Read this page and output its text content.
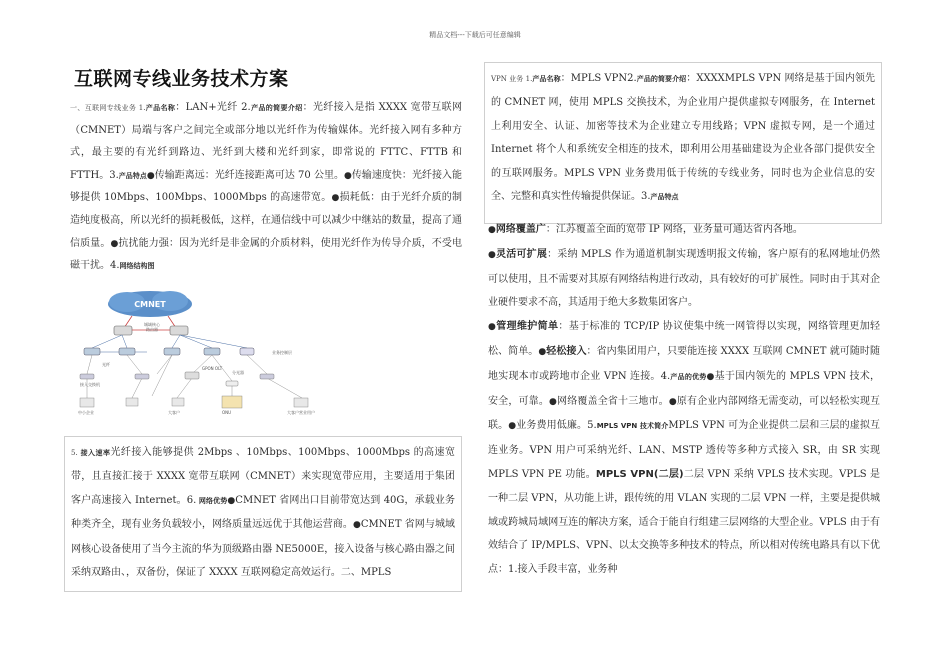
精品文档---下载后可任意编辑
互联网专线业务技术方案

一、互联网专线业务 1.产品名称：LAN+光纤 2.产品的简要介绍：光纤接入是指 XXXX 宽带互联网（CMNET）局端与客户之间完全或部分地以光纤作为传输媒体。光纤接入网有多种方式，最主要的有光纤到路边、光纤到大楼和光纤到家，即常说的 FTTC、FTTB 和 FTTH。3.产品特点●传输距离远：光纤连接距离可达 70 公里。●传输速度快：光纤接入能够提供 10Mbps、100Mbps、1000Mbps 的高速带宽。●损耗低：由于光纤介质的制造纯度极高，所以光纤的损耗极低，这样，在通信线中可以减少中继站的数量，提高了通信质量。●抗扰能力强：因为光纤是非金属的介质材料，使用光纤作为传导介质，不受电磁干扰。4.网络结构图

CMNET
城域核心
路由器
业务控制层
光纤
接入交换机
GPON OLT
分光器
中小企业	大客户	ONU	大客户营业用户

5. 接入速率光纤接入能够提供 2Mbps 、10Mbps、100Mbps、1000Mbps 的高速宽带，且直接汇接于 XXXX 宽带互联网（CMNET）来实现宽带应用，主要适用于集团客户高速接入 Internet。6. 网络优势●CMNET 省网出口目前带宽达到 40G，承载业务种类齐全，现有业务负载较小，网络质量远远优于其他运营商。●CMNET 省网与城域网核心设备使用了当今主流的华为顶级路由器 NE5000E，接入设备与核心路由器之间采纳双路由、，双备份，保证了 XXXX 互联网稳定高效运行。二、MPLS

VPN 业务 1.产品名称：MPLS VPN2.产品的简要介绍：XXXXMPLS VPN 网络是基于国内领先的 CMNET 网，使用 MPLS 交换技术，为企业用户提供虚拟专网服务，在 Internet 上利用安全、认证、加密等技术为企业建立专用线路；VPN 虚拟专网，是一个通过 Internet 将个人和系统安全相连的技术，即利用公用基础建设为企业各部门提供安全的互联网服务。MPLS VPN 业务费用低于传统的专线业务，同时也为企业信息的安全、完整和真实性传输提供保证。3.产品特点

●网络覆盖广：江苏覆盖全面的宽带 IP 网络，业务量可通达省内各地。
●灵活可扩展：采纳 MPLS 作为通道机制实现透明报文传输，客户原有的私网地址仍然可以使用，且不需要对其原有网络结构进行改动，具有较好的可扩展性。同时由于其对企业硬件要求不高，其适用于绝大多数集团客户。
●管理维护简单：基于标准的 TCP/IP 协议使集中统一网管得以实现，网络管理更加轻松、简单。●轻松接入：省内集团用户，只要能连接 XXXX 互联网 CMNET 就可随时随地实现本市或跨地市企业 VPN 连接。4.产品的优势●基于国内领先的 MPLS VPN 技术，安全，可靠。●网络覆盖全省十三地市。●原有企业内部网络无需变动，可以轻松实现互联。●业务费用低廉。5.MPLS VPN 技术简介MPLS VPN 可为企业提供二层和三层的虚拟互连业务。VPN 用户可采纳光纤、LAN、MSTP 透传等多种方式接入 SR，由 SR 实现 MPLS VPN PE 功能。MPLS VPN(二层)二层 VPN 采纳 VPLS 技术实现。VPLS 是一种二层 VPN，从功能上讲，跟传统的用 VLAN 实现的二层 VPN 一样，主要是提供城域或跨城局域网互连的解决方案，适合于能自行组建三层网络的大型企业。VPLS 由于有效结合了 IP/MPLS、VPN、以太交换等多种技术的特点，所以相对传统电路具有以下优点：1.接入手段丰富，业务种
